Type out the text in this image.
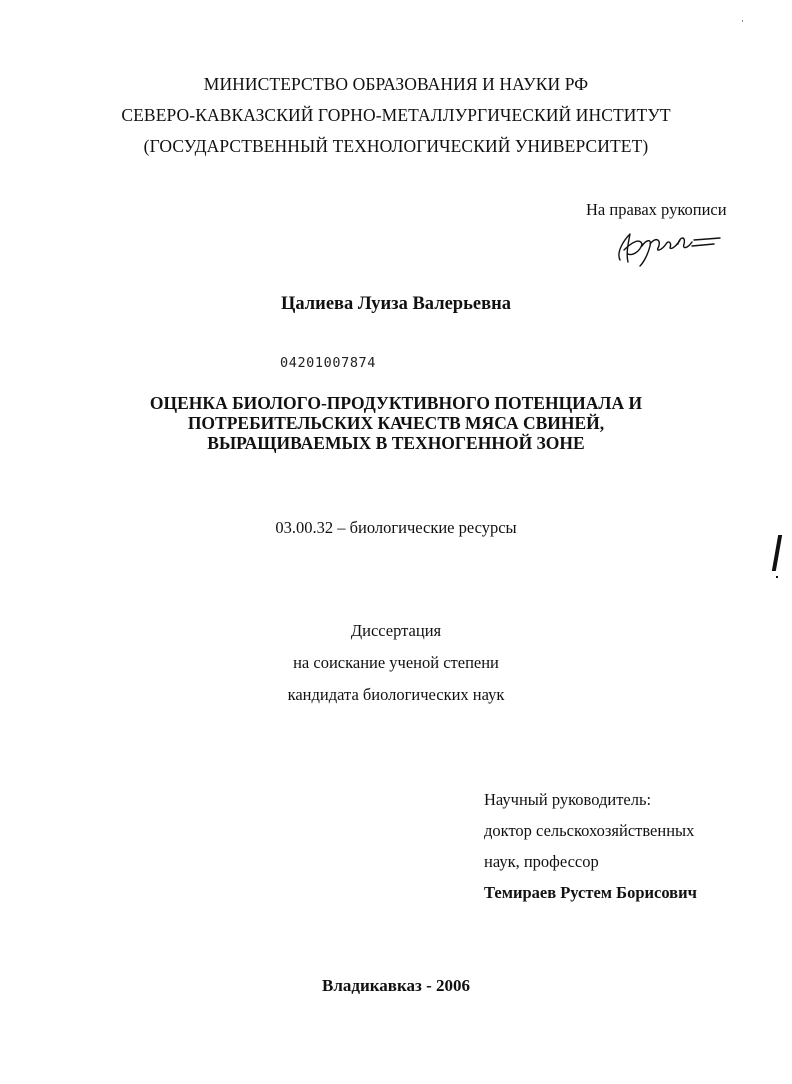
МИНИСТЕРСТВО ОБРАЗОВАНИЯ И НАУКИ РФ
СЕВЕРО-КАВКАЗСКИЙ ГОРНО-МЕТАЛЛУРГИЧЕСКИЙ ИНСТИТУТ
(ГОСУДАРСТВЕННЫЙ ТЕХНОЛОГИЧЕСКИЙ УНИВЕРСИТЕТ)
На правах рукописи
Цалиева Луиза Валерьевна
04201007874
ОЦЕНКА БИОЛОГО-ПРОДУКТИВНОГО ПОТЕНЦИАЛА И
ПОТРЕБИТЕЛЬСКИХ КАЧЕСТВ МЯСА СВИНЕЙ,
ВЫРАЩИВАЕМЫХ В ТЕХНОГЕННОЙ ЗОНЕ
03.00.32 – биологические ресурсы
Диссертация
на соискание ученой степени
кандидата биологических наук
Научный руководитель:
доктор сельскохозяйственных
наук, профессор
Темираев Рустем Борисович
Владикавказ - 2006
